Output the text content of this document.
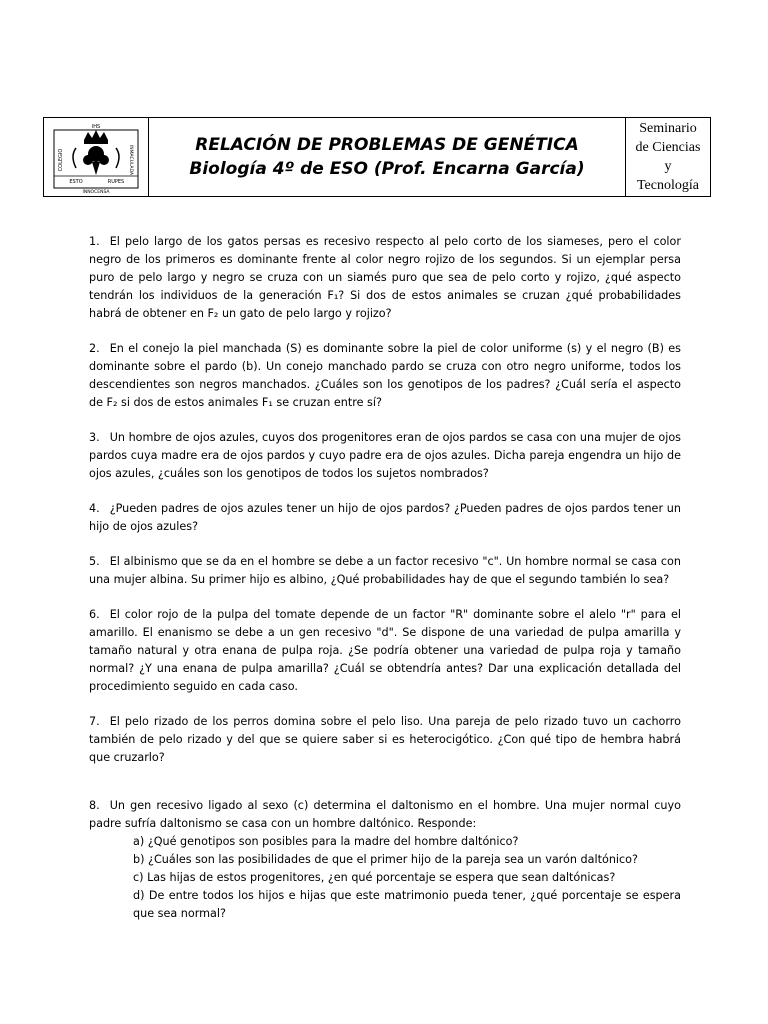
IHS
COLEGIO	INMACULADA
ESTO	RUPES
INNOCENSA
RELACIÓN DE PROBLEMAS DE GENÉTICA
Biología 4º de ESO (Prof. Encarna García)
Seminario
de Ciencias
y
Tecnología

1. El pelo largo de los gatos persas es recesivo respecto al pelo corto de los siameses, pero el color negro de los primeros es dominante frente al color negro rojizo de los segundos. Si un ejemplar persa puro de pelo largo y negro se cruza con un siamés puro que sea de pelo corto y rojizo, ¿qué aspecto tendrán los individuos de la generación F₁? Si dos de estos animales se cruzan ¿qué probabilidades habrá de obtener en F₂ un gato de pelo largo y rojizo?

2. En el conejo la piel manchada (S) es dominante sobre la piel de color uniforme (s) y el negro (B) es dominante sobre el pardo (b). Un conejo manchado pardo se cruza con otro negro uniforme, todos los descendientes son negros manchados. ¿Cuáles son los genotipos de los padres? ¿Cuál sería el aspecto de F₂ si dos de estos animales F₁ se cruzan entre sí?

3. Un hombre de ojos azules, cuyos dos progenitores eran de ojos pardos se casa con una mujer de ojos pardos cuya madre era de ojos pardos y cuyo padre era de ojos azules. Dicha pareja engendra un hijo de ojos azules, ¿cuáles son los genotipos de todos los sujetos nombrados?

4. ¿Pueden padres de ojos azules tener un hijo de ojos pardos? ¿Pueden padres de ojos pardos tener un hijo de ojos azules?

5. El albinismo que se da en el hombre se debe a un factor recesivo "c". Un hombre normal se casa con una mujer albina. Su primer hijo es albino, ¿Qué probabilidades hay de que el segundo también lo sea?

6. El color rojo de la pulpa del tomate depende de un factor "R" dominante sobre el alelo "r" para el amarillo. El enanismo se debe a un gen recesivo "d". Se dispone de una variedad de pulpa amarilla y tamaño natural y otra enana de pulpa roja. ¿Se podría obtener una variedad de pulpa roja y tamaño normal? ¿Y una enana de pulpa amarilla? ¿Cuál se obtendría antes? Dar una explicación detallada del procedimiento seguido en cada caso.

7. El pelo rizado de los perros domina sobre el pelo liso. Una pareja de pelo rizado tuvo un cachorro también de pelo rizado y del que se quiere saber si es heterocigótico. ¿Con qué tipo de hembra habrá que cruzarlo?

8. Un gen recesivo ligado al sexo (c) determina el daltonismo en el hombre. Una mujer normal cuyo padre sufría daltonismo se casa con un hombre daltónico. Responde:
a) ¿Qué genotipos son posibles para la madre del hombre daltónico?
b) ¿Cuáles son las posibilidades de que el primer hijo de la pareja sea un varón daltónico?
c) Las hijas de estos progenitores, ¿en qué porcentaje se espera que sean daltónicas?
d) De entre todos los hijos e hijas que este matrimonio pueda tener, ¿qué porcentaje se espera que sea normal?
